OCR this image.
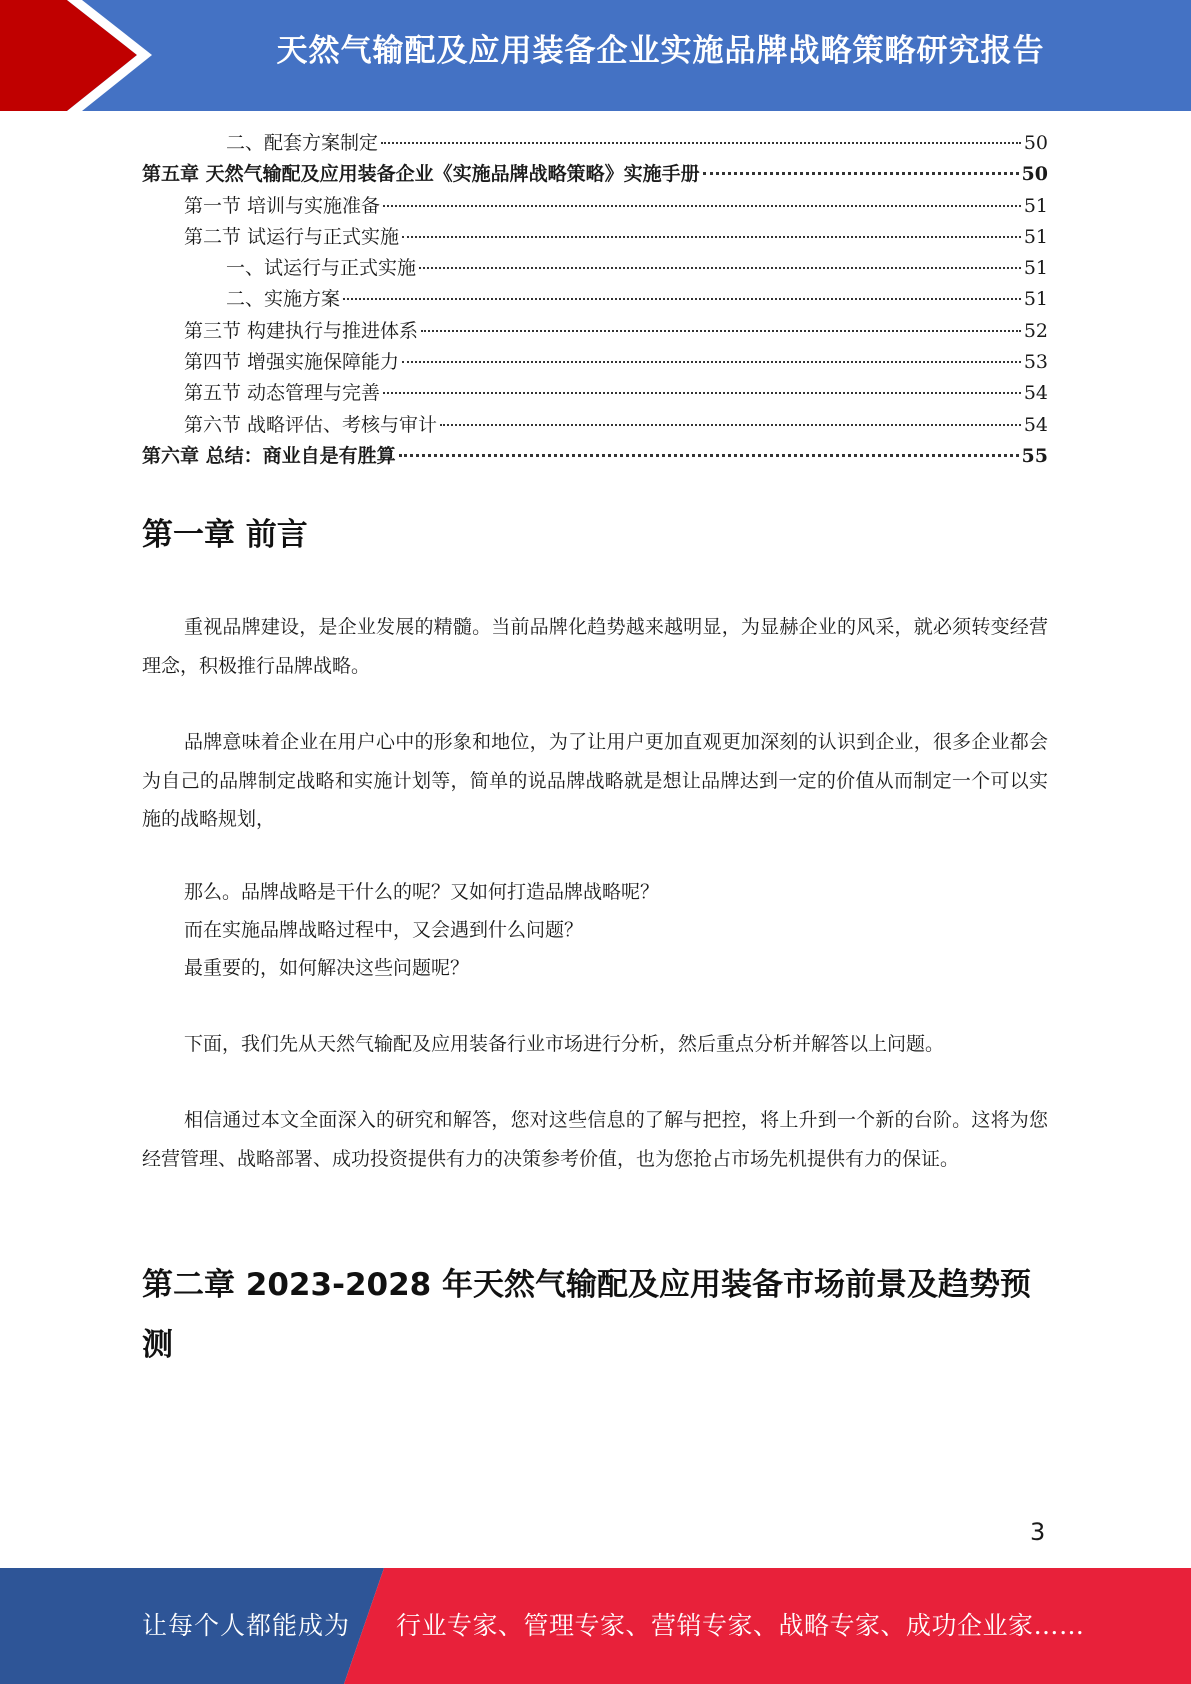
天然气输配及应用装备企业实施品牌战略策略研究报告
二、配套方案制定	50
第五章 天然气输配及应用装备企业《实施品牌战略策略》实施手册	50
第一节 培训与实施准备	51
第二节 试运行与正式实施	51
一、试运行与正式实施	51
二、实施方案	51
第三节 构建执行与推进体系	52
第四节 增强实施保障能力	53
第五节 动态管理与完善	54
第六节 战略评估、考核与审计	54
第六章 总结：商业自是有胜算	55
第一章 前言

重视品牌建设，是企业发展的精髓。当前品牌化趋势越来越明显，为显赫企业的风采，就必须转变经营理念，积极推行品牌战略。

品牌意味着企业在用户心中的形象和地位，为了让用户更加直观更加深刻的认识到企业，很多企业都会为自己的品牌制定战略和实施计划等，简单的说品牌战略就是想让品牌达到一定的价值从而制定一个可以实施的战略规划，

那么。品牌战略是干什么的呢？又如何打造品牌战略呢？

而在实施品牌战略过程中，又会遇到什么问题？

最重要的，如何解决这些问题呢？

下面，我们先从天然气输配及应用装备行业市场进行分析，然后重点分析并解答以上问题。

相信通过本文全面深入的研究和解答，您对这些信息的了解与把控，将上升到一个新的台阶。这将为您经营管理、战略部署、成功投资提供有力的决策参考价值，也为您抢占市场先机提供有力的保证。

第二章 2023-2028 年天然气输配及应用装备市场前景及趋势预
测
3
让每个人都能成为 行业专家、管理专家、营销专家、战略专家、成功企业家……
